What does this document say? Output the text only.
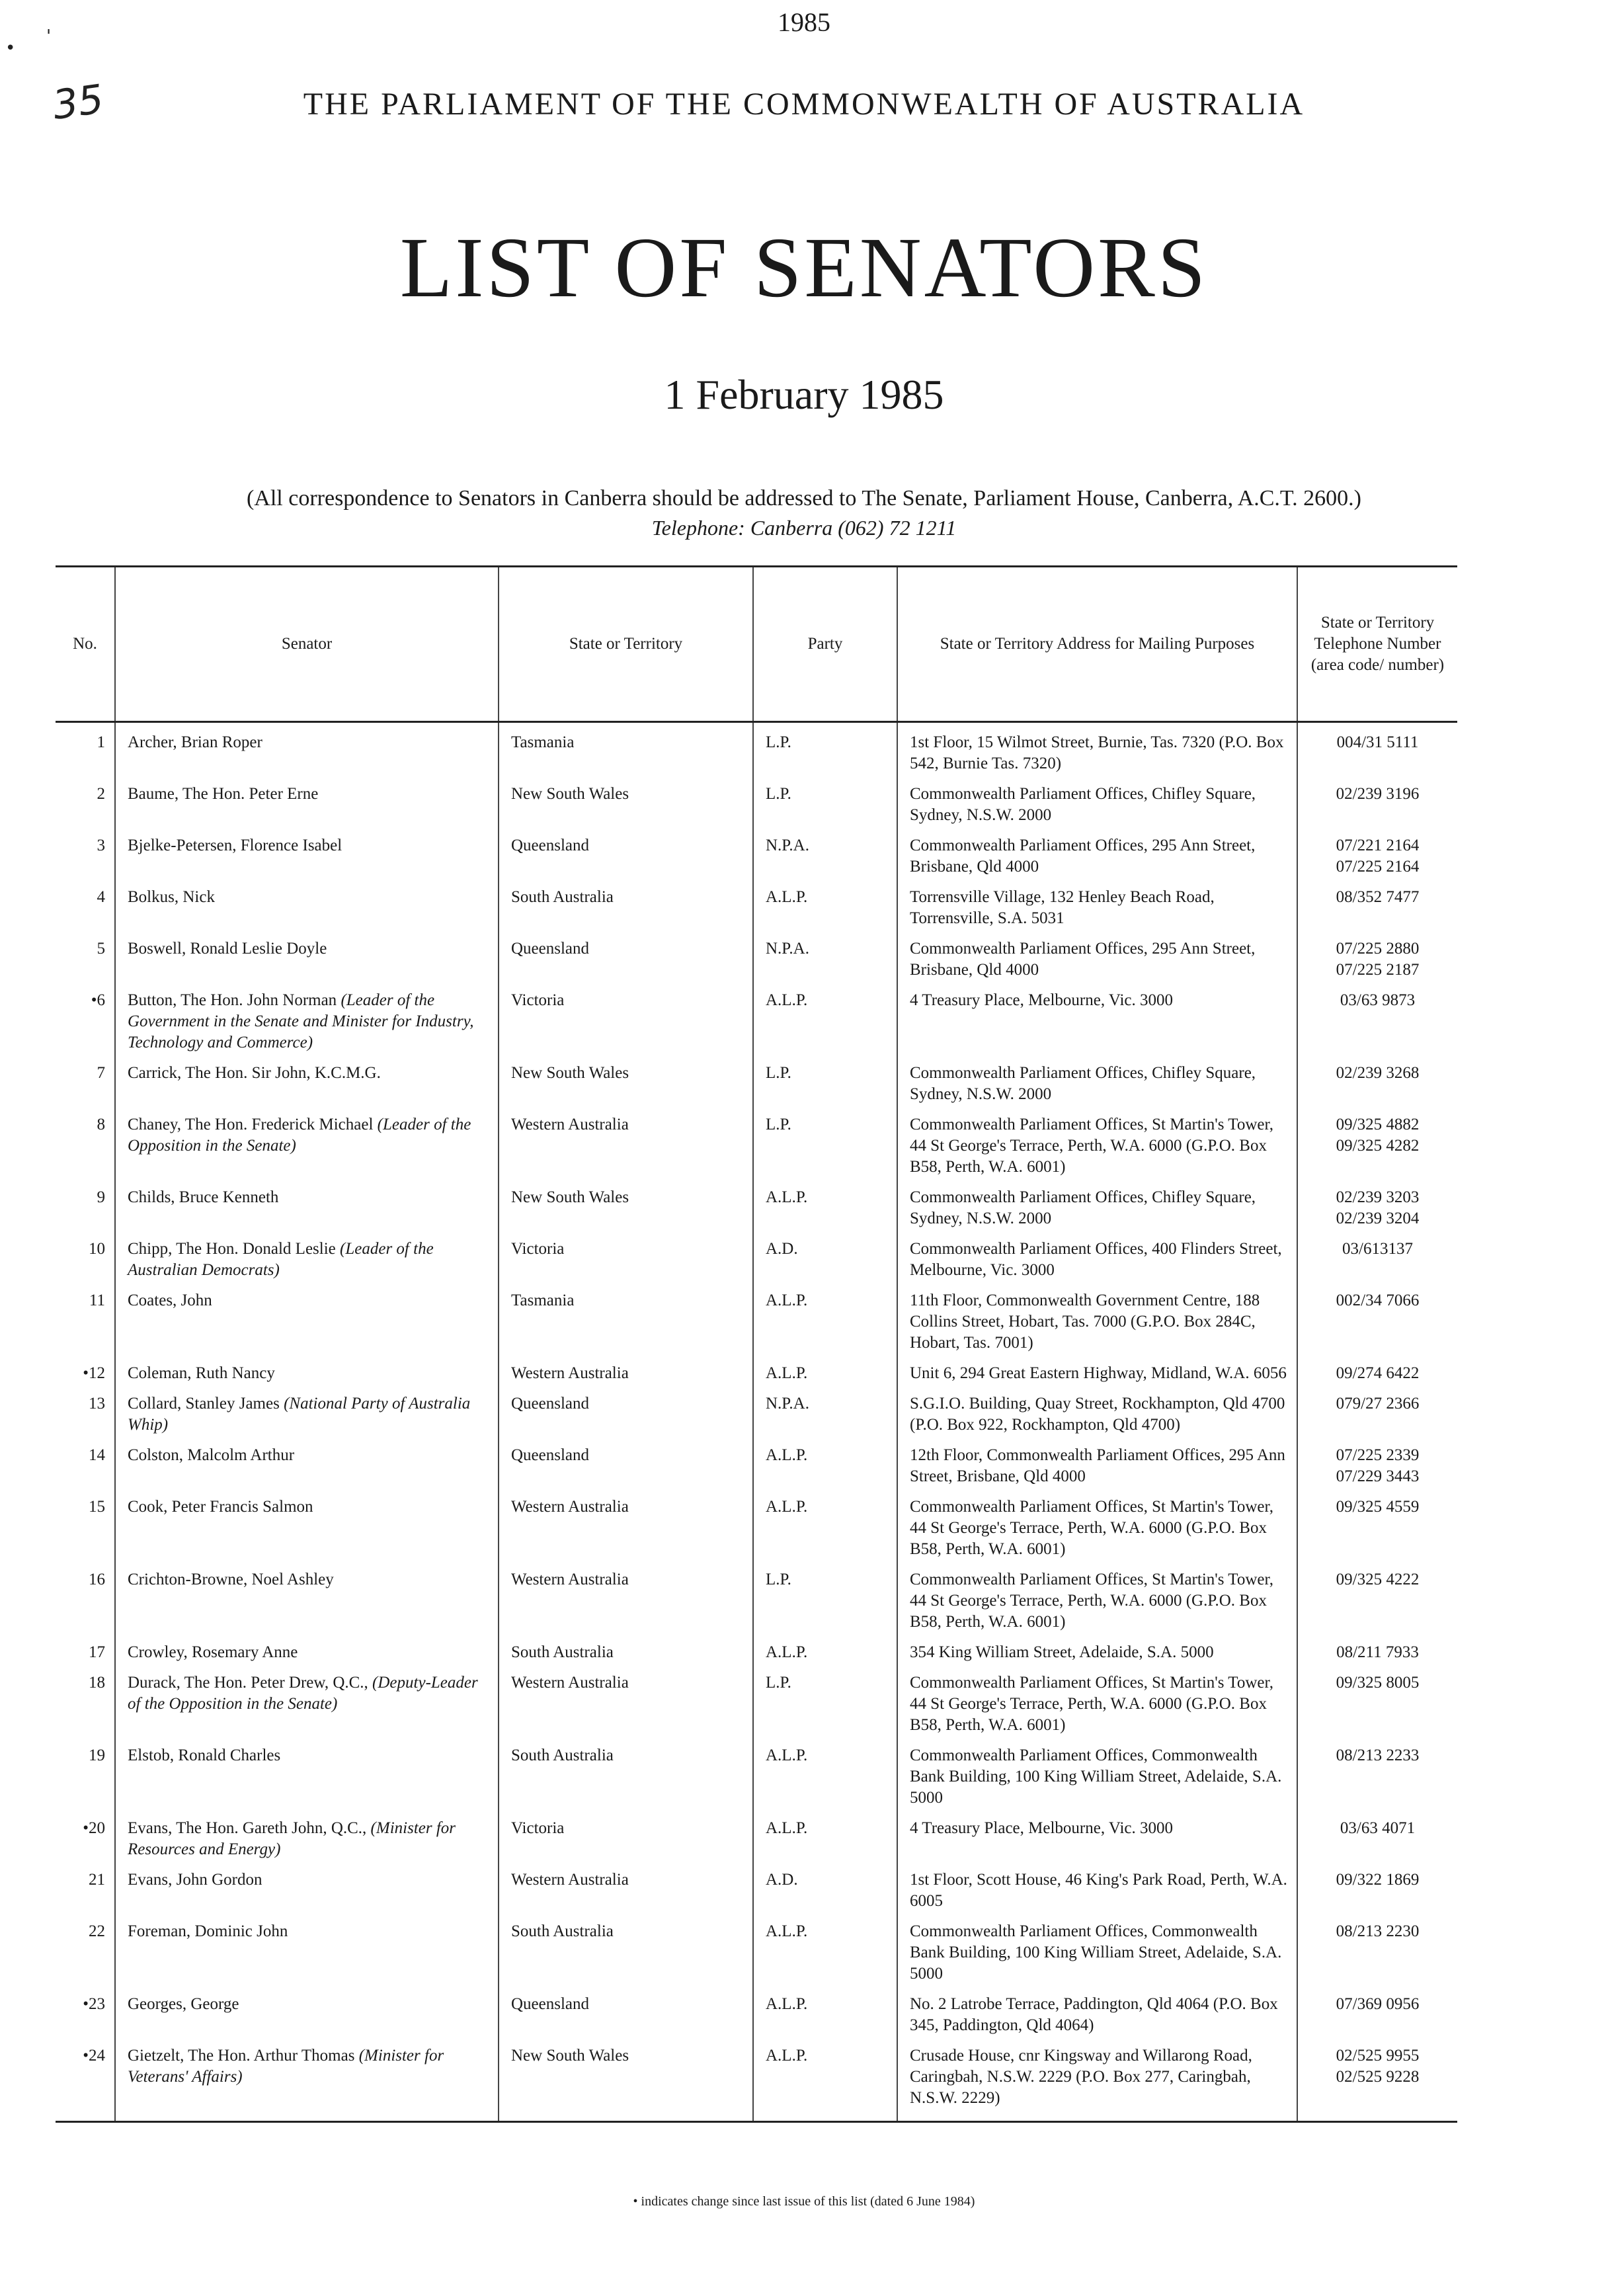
1985
•
'
35	THE PARLIAMENT OF THE COMMONWEALTH OF AUSTRALIA
LIST OF SENATORS
1 February 1985
(All correspondence to Senators in Canberra should be addressed to The Senate, Parliament House, Canberra, A.C.T. 2600.)
Telephone: Canberra (062) 72 1211
No.	Senator	State or Territory	Party	State or Territory Address for Mailing Purposes	State or Territory Telephone Number (area code/ number)
1	Archer, Brian Roper	Tasmania	L.P.	1st Floor, 15 Wilmot Street, Burnie, Tas. 7320 (P.O. Box 542, Burnie Tas. 7320)	004/31 5111

2	Baume, The Hon. Peter Erne	New South Wales	L.P.	Commonwealth Parliament Offices, Chifley Square, Sydney, N.S.W. 2000	02/239 3196

3	Bjelke-Petersen, Florence Isabel	Queensland	N.P.A.	Commonwealth Parliament Offices, 295 Ann Street, Brisbane, Qld 4000	07/221 2164
07/225 2164

4	Bolkus, Nick	South Australia	A.L.P.	Torrensville Village, 132 Henley Beach Road, Torrensville, S.A. 5031	08/352 7477

5	Boswell, Ronald Leslie Doyle	Queensland	N.P.A.	Commonwealth Parliament Offices, 295 Ann Street, Brisbane, Qld 4000	07/225 2880
07/225 2187

•6	Button, The Hon. John Norman (Leader of the Government in the Senate and Minister for Industry, Technology and Commerce)	Victoria	A.L.P.	4 Treasury Place, Melbourne, Vic. 3000	03/63 9873

7	Carrick, The Hon. Sir John, K.C.M.G.	New South Wales	L.P.	Commonwealth Parliament Offices, Chifley Square, Sydney, N.S.W. 2000	02/239 3268

8	Chaney, The Hon. Frederick Michael (Leader of the Opposition in the Senate)	Western Australia	L.P.	Commonwealth Parliament Offices, St Martin's Tower, 44 St George's Terrace, Perth, W.A. 6000 (G.P.O. Box B58, Perth, W.A. 6001)	09/325 4882
09/325 4282

9	Childs, Bruce Kenneth	New South Wales	A.L.P.	Commonwealth Parliament Offices, Chifley Square, Sydney, N.S.W. 2000	02/239 3203
02/239 3204

10	Chipp, The Hon. Donald Leslie (Leader of the Australian Democrats)	Victoria	A.D.	Commonwealth Parliament Offices, 400 Flinders Street, Melbourne, Vic. 3000	03/613137

11	Coates, John	Tasmania	A.L.P.	11th Floor, Commonwealth Government Centre, 188 Collins Street, Hobart, Tas. 7000 (G.P.O. Box 284C, Hobart, Tas. 7001)	002/34 7066

•12	Coleman, Ruth Nancy	Western Australia	A.L.P.	Unit 6, 294 Great Eastern Highway, Midland, W.A. 6056	09/274 6422

13	Collard, Stanley James (National Party of Australia Whip)	Queensland	N.P.A.	S.G.I.O. Building, Quay Street, Rockhampton, Qld 4700 (P.O. Box 922, Rockhampton, Qld 4700)	079/27 2366

14	Colston, Malcolm Arthur	Queensland	A.L.P.	12th Floor, Commonwealth Parliament Offices, 295 Ann Street, Brisbane, Qld 4000	07/225 2339
07/229 3443

15	Cook, Peter Francis Salmon	Western Australia	A.L.P.	Commonwealth Parliament Offices, St Martin's Tower, 44 St George's Terrace, Perth, W.A. 6000 (G.P.O. Box B58, Perth, W.A. 6001)	09/325 4559

16	Crichton-Browne, Noel Ashley	Western Australia	L.P.	Commonwealth Parliament Offices, St Martin's Tower, 44 St George's Terrace, Perth, W.A. 6000 (G.P.O. Box B58, Perth, W.A. 6001)	09/325 4222

17	Crowley, Rosemary Anne	South Australia	A.L.P.	354 King William Street, Adelaide, S.A. 5000	08/211 7933

18	Durack, The Hon. Peter Drew, Q.C., (Deputy-Leader of the Opposition in the Senate)	Western Australia	L.P.	Commonwealth Parliament Offices, St Martin's Tower, 44 St George's Terrace, Perth, W.A. 6000 (G.P.O. Box B58, Perth, W.A. 6001)	09/325 8005

19	Elstob, Ronald Charles	South Australia	A.L.P.	Commonwealth Parliament Offices, Commonwealth Bank Building, 100 King William Street, Adelaide, S.A. 5000	08/213 2233

•20	Evans, The Hon. Gareth John, Q.C., (Minister for Resources and Energy)	Victoria	A.L.P.	4 Treasury Place, Melbourne, Vic. 3000	03/63 4071

21	Evans, John Gordon	Western Australia	A.D.	1st Floor, Scott House, 46 King's Park Road, Perth, W.A. 6005	09/322 1869

22	Foreman, Dominic John	South Australia	A.L.P.	Commonwealth Parliament Offices, Commonwealth Bank Building, 100 King William Street, Adelaide, S.A. 5000	08/213 2230

•23	Georges, George	Queensland	A.L.P.	No. 2 Latrobe Terrace, Paddington, Qld 4064 (P.O. Box 345, Paddington, Qld 4064)	07/369 0956

•24	Gietzelt, The Hon. Arthur Thomas (Minister for Veterans' Affairs)	New South Wales	A.L.P.	Crusade House, cnr Kingsway and Willarong Road, Caringbah, N.S.W. 2229 (P.O. Box 277, Caringbah, N.S.W. 2229)	02/525 9955
02/525 9228
• indicates change since last issue of this list (dated 6 June 1984)
